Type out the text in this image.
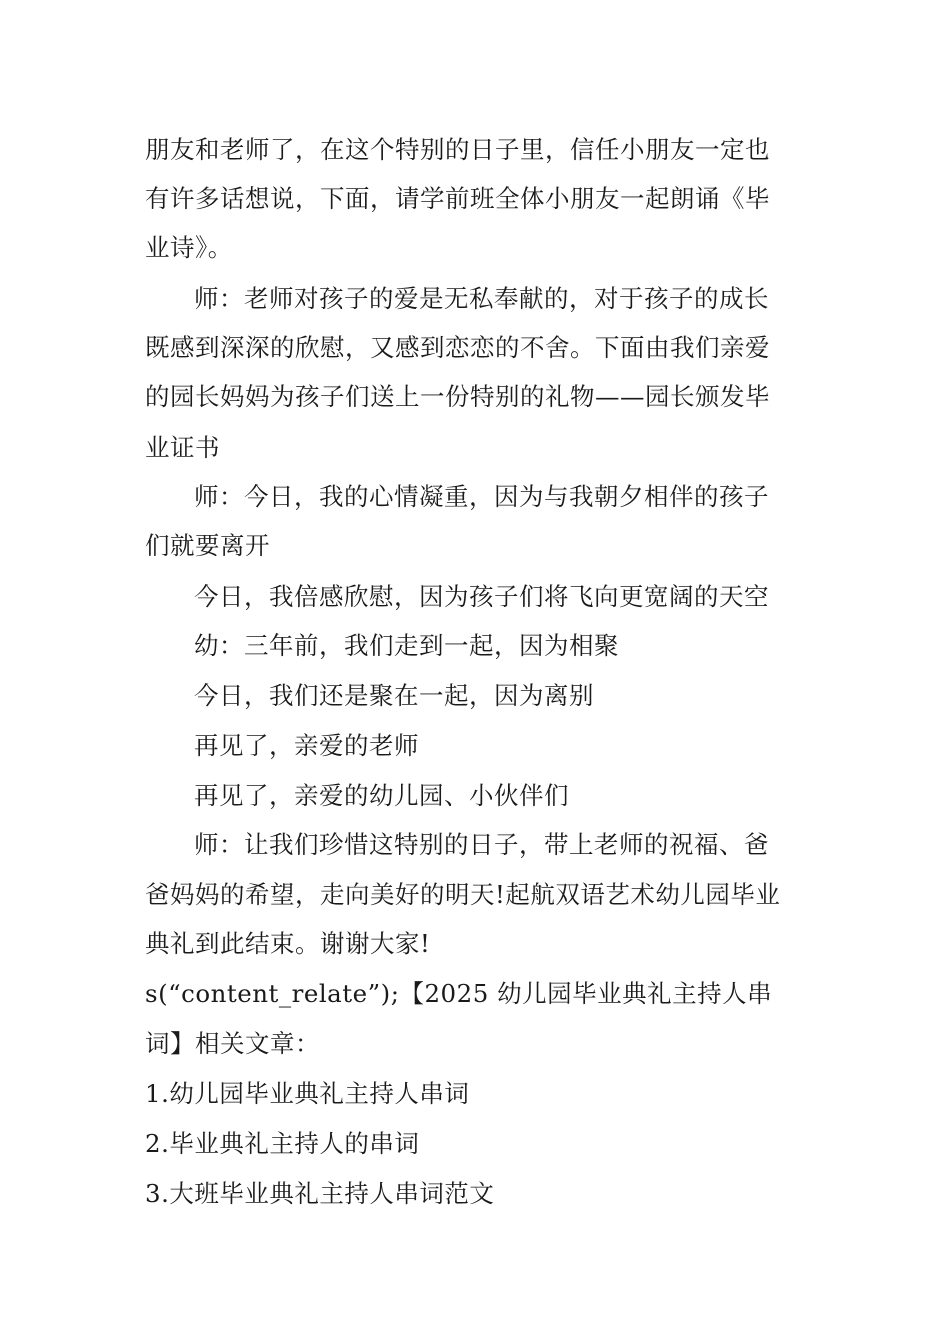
朋友和老师了，在这个特别的日子里，信任小朋友一定也
有许多话想说，下面，请学前班全体小朋友一起朗诵《毕
业诗》。
师：老师对孩子的爱是无私奉献的，对于孩子的成长
既感到深深的欣慰，又感到恋恋的不舍。下面由我们亲爱
的园长妈妈为孩子们送上一份特别的礼物——园长颁发毕
业证书
师：今日，我的心情凝重，因为与我朝夕相伴的孩子
们就要离开
今日，我倍感欣慰，因为孩子们将飞向更宽阔的天空
幼：三年前，我们走到一起，因为相聚
今日，我们还是聚在一起，因为离别
再见了，亲爱的老师
再见了，亲爱的幼儿园、小伙伴们
师：让我们珍惜这特别的日子，带上老师的祝福、爸
爸妈妈的希望，走向美好的明天!起航双语艺术幼儿园毕业
典礼到此结束。谢谢大家!
s(“content_relate”);【2025 幼儿园毕业典礼主持人串
词】相关文章：
1.幼儿园毕业典礼主持人串词
2.毕业典礼主持人的串词
3.大班毕业典礼主持人串词范文
